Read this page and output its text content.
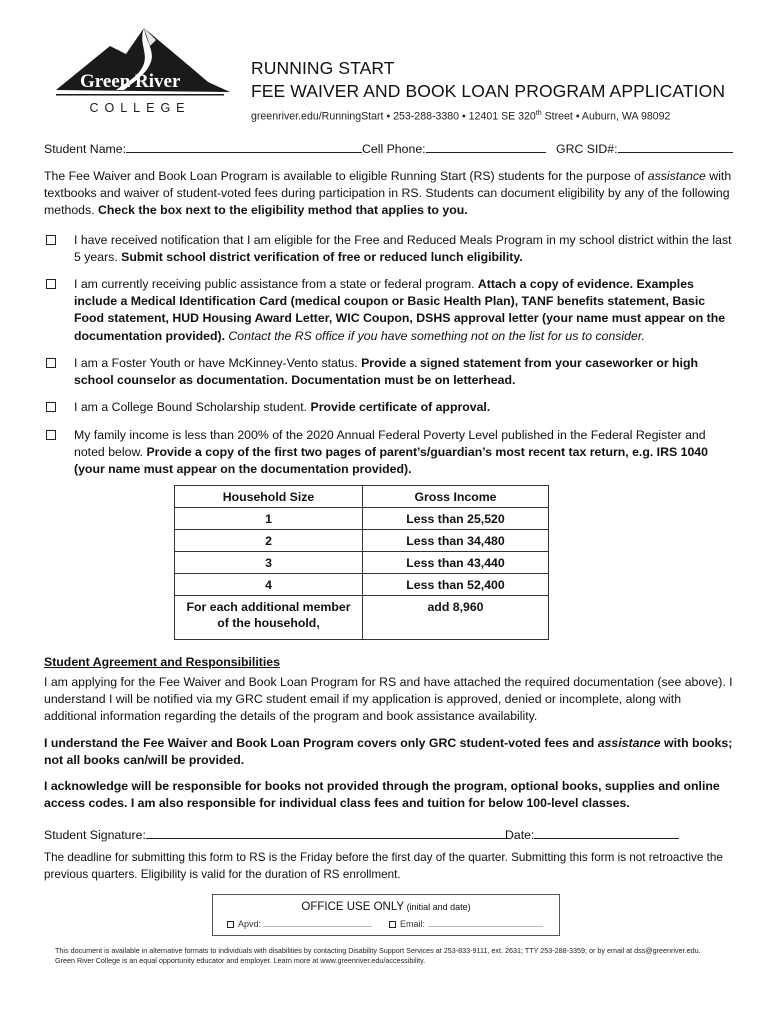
Green River
COLLEGE
RUNNING START
FEE WAIVER AND BOOK LOAN PROGRAM APPLICATION
greenriver.edu/RunningStart • 253-288-3380 • 12401 SE 320th Street • Auburn, WA 98092
Student Name:	Cell Phone:	GRC SID#:
The Fee Waiver and Book Loan Program is available to eligible Running Start (RS) students for the purpose of assistance with textbooks and waiver of student-voted fees during participation in RS. Students can document eligibility by any of the following methods. Check the box next to the eligibility method that applies to you.
I have received notification that I am eligible for the Free and Reduced Meals Program in my school district within the last 5 years. Submit school district verification of free or reduced lunch eligibility.
I am currently receiving public assistance from a state or federal program. Attach a copy of evidence. Examples include a Medical Identification Card (medical coupon or Basic Health Plan), TANF benefits statement, Basic Food statement, HUD Housing Award Letter, WIC Coupon, DSHS approval letter (your name must appear on the documentation provided). Contact the RS office if you have something not on the list for us to consider.
I am a Foster Youth or have McKinney-Vento status. Provide a signed statement from your caseworker or high school counselor as documentation. Documentation must be on letterhead.
I am a College Bound Scholarship student. Provide certificate of approval.
My family income is less than 200% of the 2020 Annual Federal Poverty Level published in the Federal Register and noted below. Provide a copy of the first two pages of parent’s/guardian’s most recent tax return, e.g. IRS 1040 (your name must appear on the documentation provided).
Household Size	Gross Income
1	Less than 25,520
2	Less than 34,480
3	Less than 43,440
4	Less than 52,400
For each additional member of the household,	add 8,960
Student Agreement and Responsibilities
I am applying for the Fee Waiver and Book Loan Program for RS and have attached the required documentation (see above). I understand I will be notified via my GRC student email if my application is approved, denied or incomplete, along with additional information regarding the details of the program and book assistance availability.
I understand the Fee Waiver and Book Loan Program covers only GRC student-voted fees and assistance with books; not all books can/will be provided.
I acknowledge will be responsible for books not provided through the program, optional books, supplies and online access codes. I am also responsible for individual class fees and tuition for below 100-level classes.
Student Signature:	Date:
The deadline for submitting this form to RS is the Friday before the first day of the quarter. Submitting this form is not retroactive the previous quarters. Eligibility is valid for the duration of RS enrollment.
OFFICE USE ONLY (initial and date)
Apvd:	Email:
This document is available in alternative formats to individuals with disabilities by contacting Disability Support Services at 253-833-9111, ext. 2631; TTY 253-288-3359; or by email at dss@greenriver.edu.
Green River College is an equal opportunity educator and employer. Learn more at www.greenriver.edu/accessibility.
